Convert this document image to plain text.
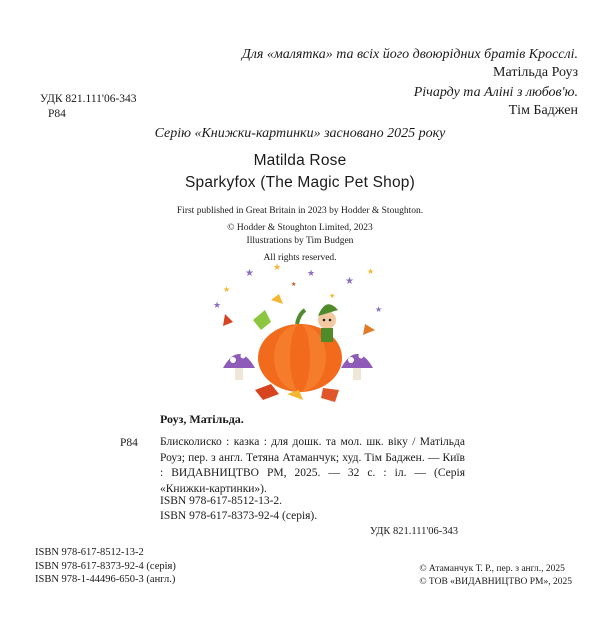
Для «малятка» та всіх його двоюрідних братів Кросслі.
Матільда Роуз
Річарду та Аліні з любов'ю.
Тім Баджен
УДК 821.111'06-343
Р84
Серію «Книжки-картинки» засновано 2025 року
Matilda Rose
Sparkyfox (The Magic Pet Shop)
First published in Great Britain in 2023 by Hodder & Stoughton.
© Hodder & Stoughton Limited, 2023
Illustrations by Tim Budgen
All rights reserved.
★
★
★
★
★
★
★	★
★
★
Роуз, Матільда.
Р84 Блисколиско : казка : для дошк. та мол. шк. віку / Матільда Роуз; пер. з англ. Тетяна Атаманчук; худ. Тім Баджен. — Київ : ВИДАВНИЦТВО РМ, 2025. — 32 с. : іл. — (Серія «Книжки-картинки»).
ISBN 978-617-8512-13-2.
ISBN 978-617-8373-92-4 (серія).
УДК 821.111'06-343
ISBN 978-617-8512-13-2
ISBN 978-617-8373-92-4 (серія)
ISBN 978-1-44496-650-3 (англ.)
© Атаманчук Т. Р., пер. з англ., 2025
© ТОВ «ВИДАВНИЦТВО РМ», 2025
